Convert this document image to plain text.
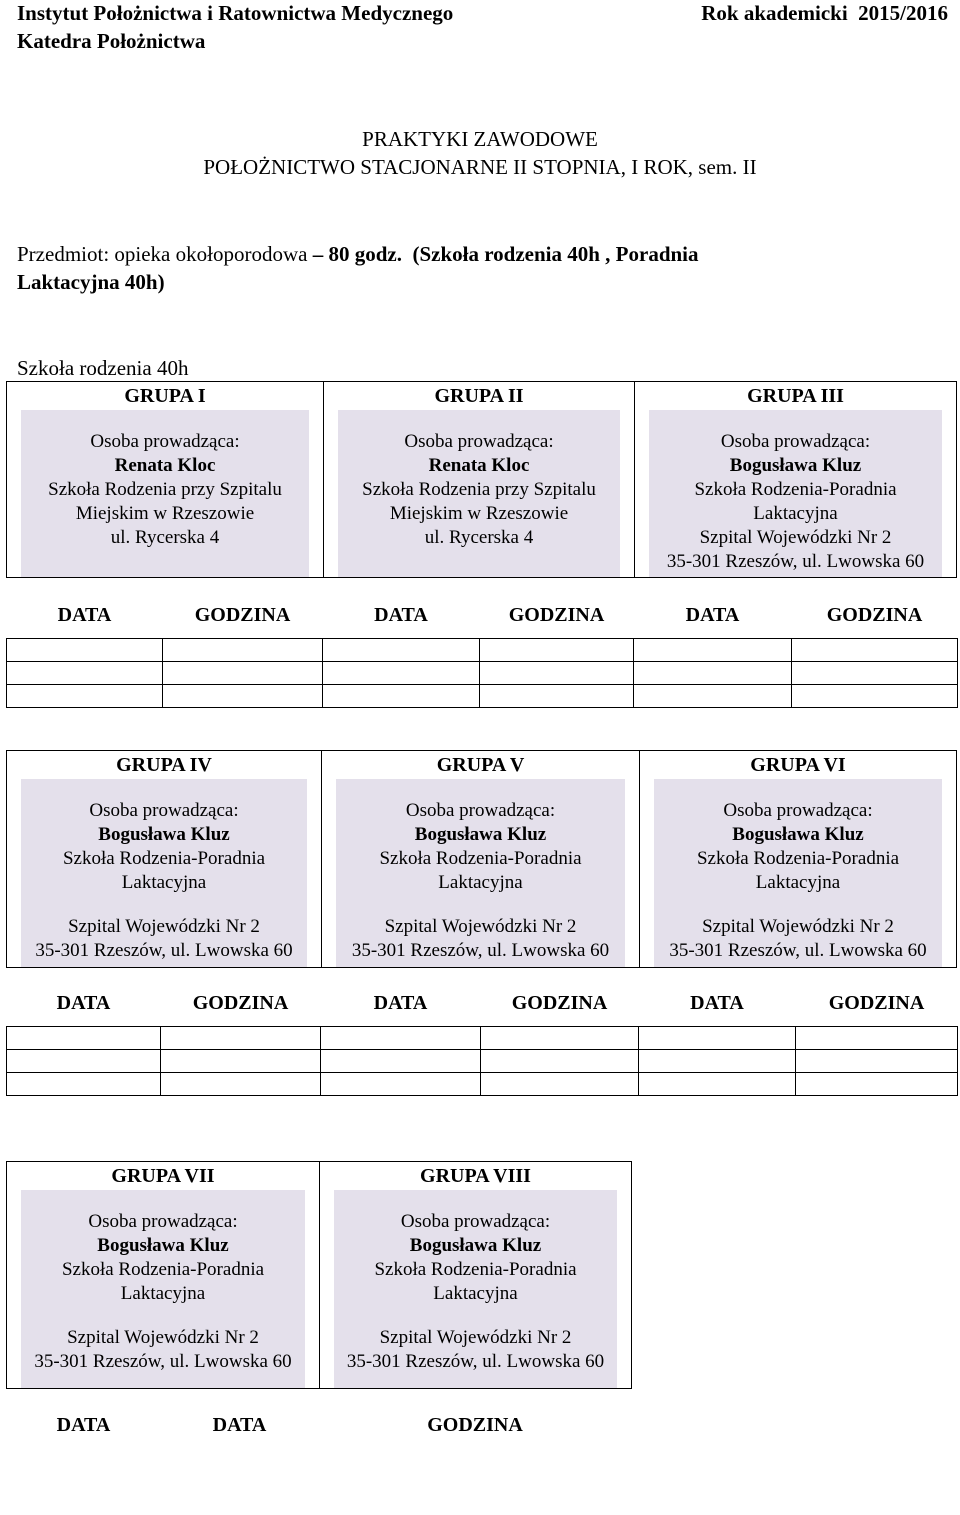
Instytut Położnictwa i Ratownictwa Medycznego
Katedra Położnictwa
Rok akademicki  2015/2016
PRAKTYKI ZAWODOWE
POŁOŻNICTWO STACJONARNE II STOPNIA, I ROK, sem. II
Przedmiot: opieka okołoporodowa – 80 godz.  (Szkoła rodzenia 40h , Poradnia
Laktacyjna 40h)
Szkoła rodzenia 40h
GRUPA I
Osoba prowadząca:
Renata Kloc
Szkoła Rodzenia przy Szpitalu
Miejskim w Rzeszowie
ul. Rycerska 4
GRUPA II
Osoba prowadząca:
Renata Kloc
Szkoła Rodzenia przy Szpitalu
Miejskim w Rzeszowie
ul. Rycerska 4
GRUPA III
Osoba prowadząca:
Bogusława Kluz
Szkoła Rodzenia-Poradnia
Laktacyjna
Szpital Wojewódzki Nr 2
35-301 Rzeszów, ul. Lwowska 60
DATA	GODZINA	DATA	GODZINA	DATA	GODZINA

GRUPA IV
Osoba prowadząca:
Bogusława Kluz
Szkoła Rodzenia-Poradnia
Laktacyjna
Szpital Wojewódzki Nr 2
35-301 Rzeszów, ul. Lwowska 60
GRUPA V
Osoba prowadząca:
Bogusława Kluz
Szkoła Rodzenia-Poradnia
Laktacyjna
Szpital Wojewódzki Nr 2
35-301 Rzeszów, ul. Lwowska 60
GRUPA VI
Osoba prowadząca:
Bogusława Kluz
Szkoła Rodzenia-Poradnia
Laktacyjna
Szpital Wojewódzki Nr 2
35-301 Rzeszów, ul. Lwowska 60
DATA	GODZINA	DATA	GODZINA	DATA	GODZINA

GRUPA VII
Osoba prowadząca:
Bogusława Kluz
Szkoła Rodzenia-Poradnia
Laktacyjna
Szpital Wojewódzki Nr 2
35-301 Rzeszów, ul. Lwowska 60
GRUPA VIII
Osoba prowadząca:
Bogusława Kluz
Szkoła Rodzenia-Poradnia
Laktacyjna
Szpital Wojewódzki Nr 2
35-301 Rzeszów, ul. Lwowska 60
DATA	DATA	GODZINA
